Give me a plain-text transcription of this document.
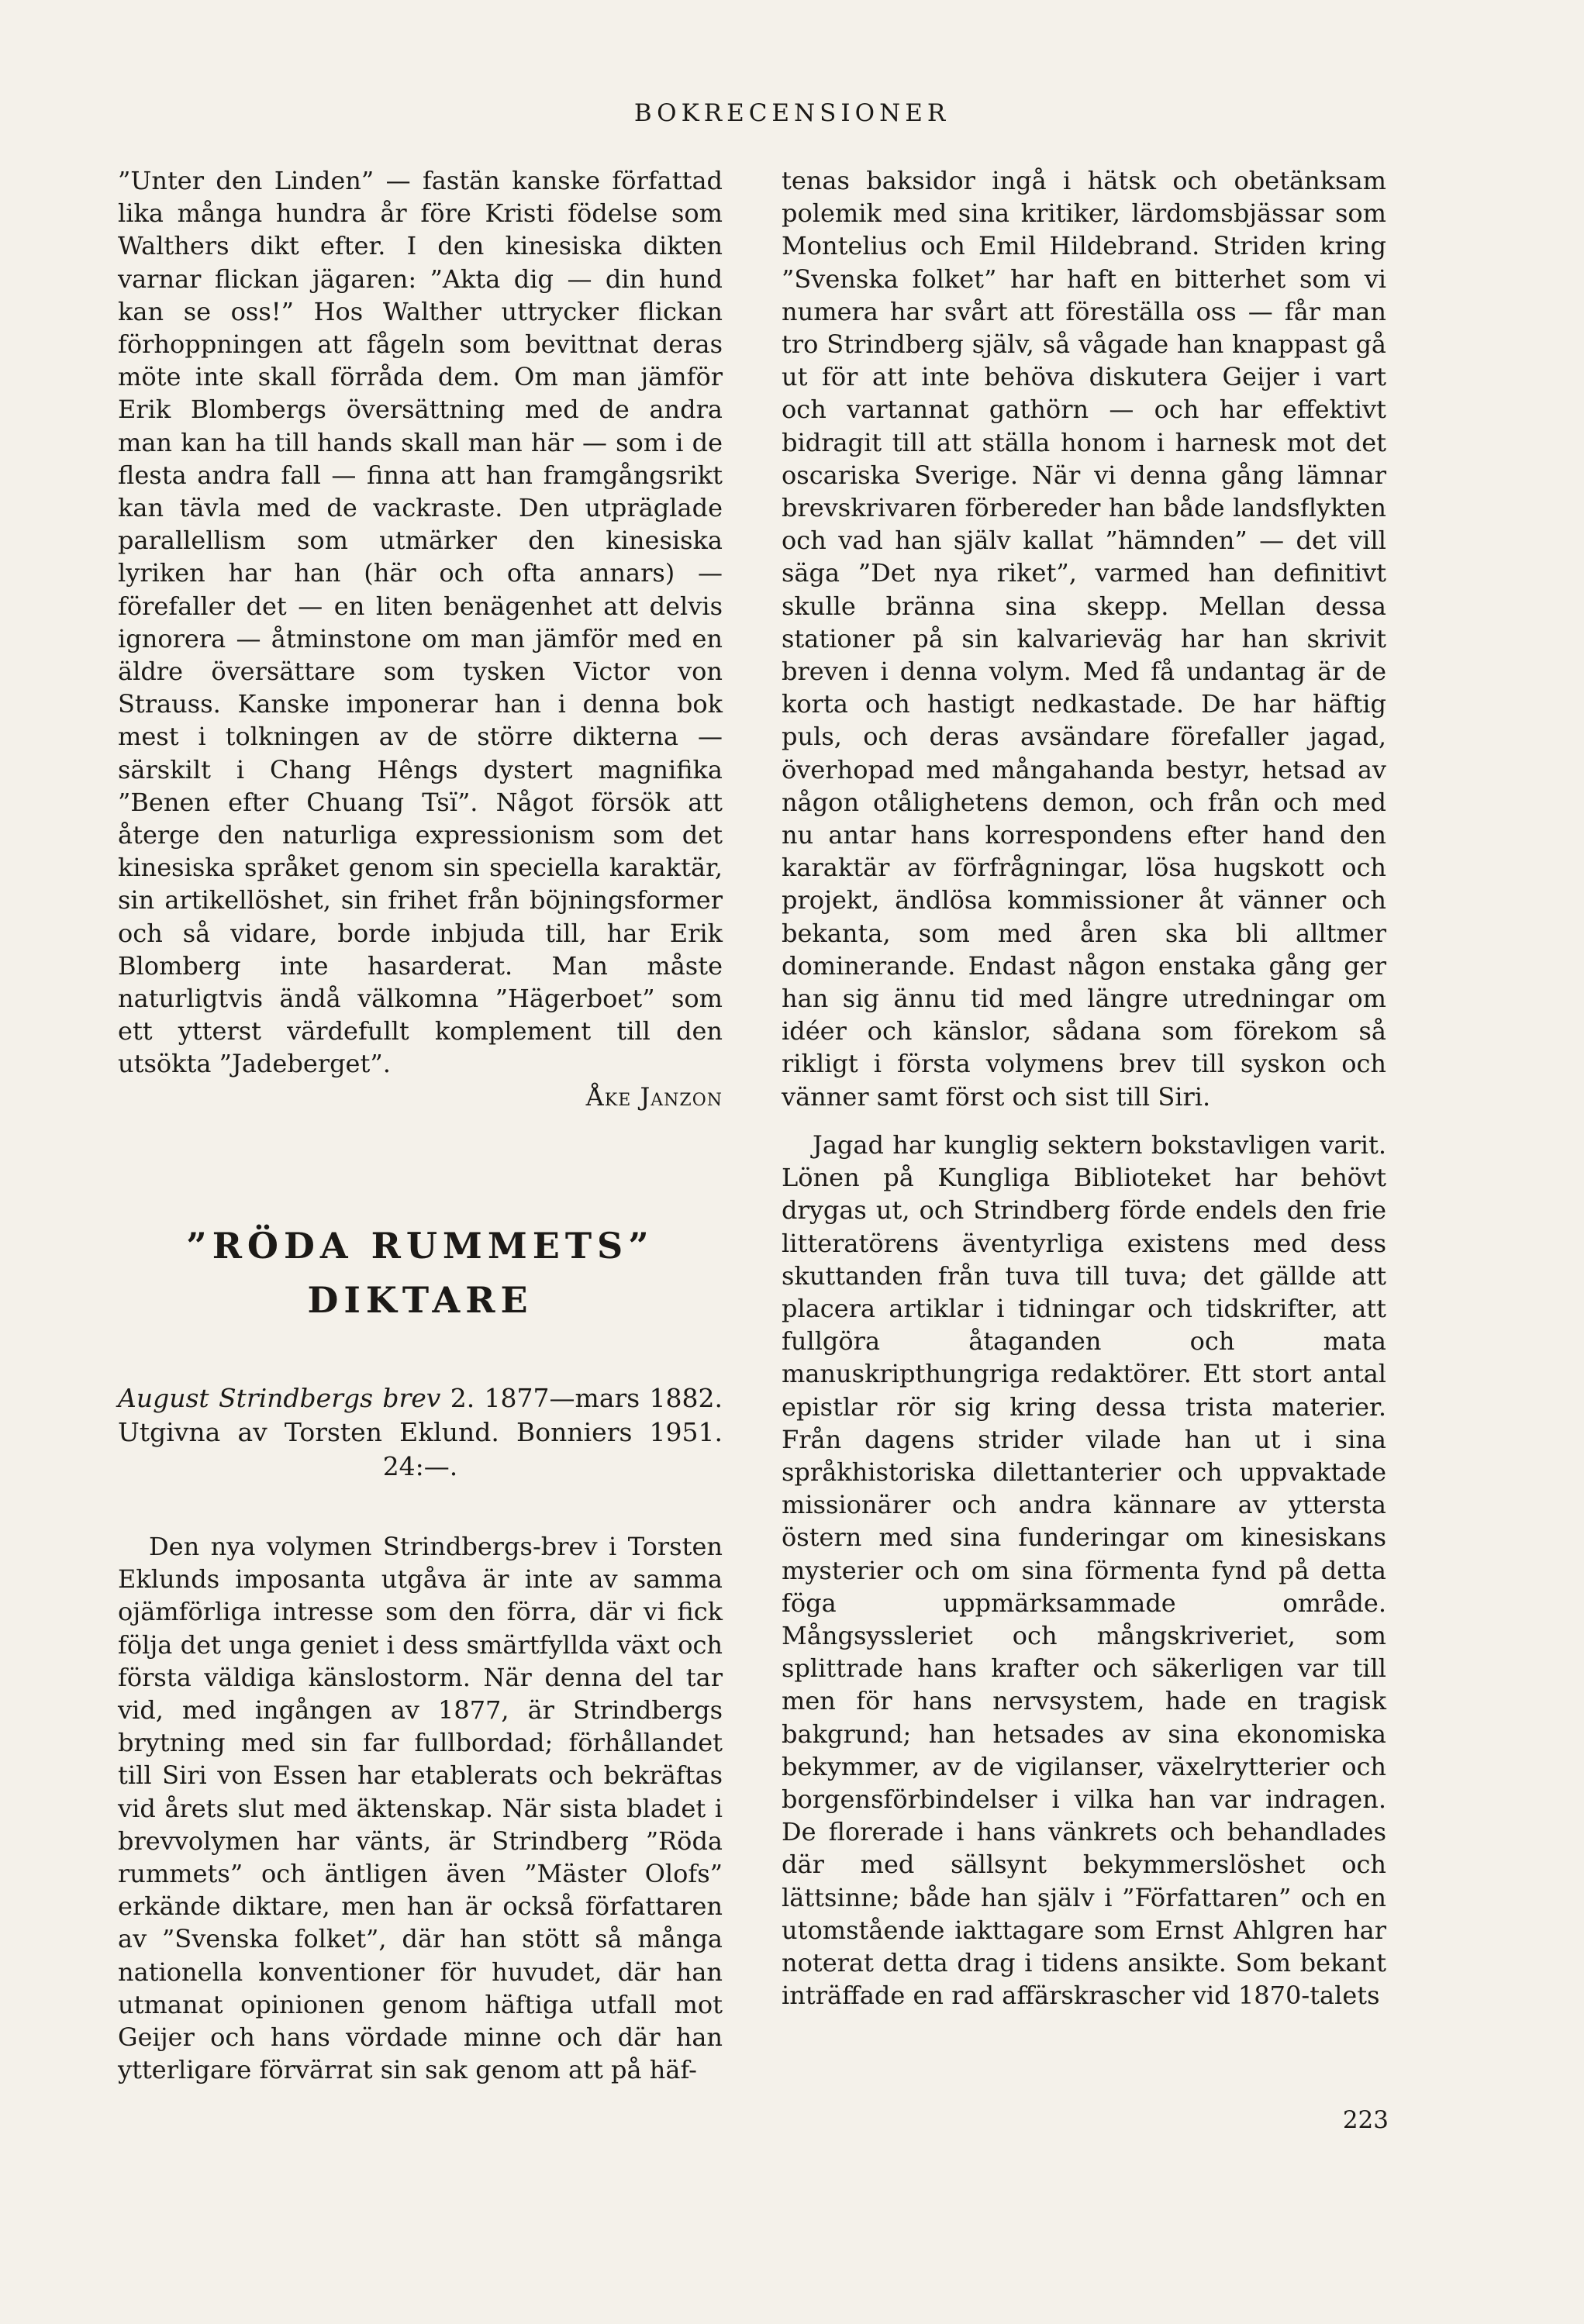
BOKRECENSIONER

”Unter den Linden” — fastän kanske författad lika många hundra år före Kristi födelse som Walthers dikt efter. I den kinesiska dikten varnar flickan jägaren: ”Akta dig — din hund kan se oss!” Hos Walther uttrycker flickan förhoppningen att fågeln som bevittnat deras möte inte skall förråda dem. Om man jämför Erik Blombergs översättning med de andra man kan ha till hands skall man här — som i de flesta andra fall — finna att han framgångsrikt kan tävla med de vackraste. Den utpräglade parallellism som utmärker den kinesiska lyriken har han (här och ofta annars) — förefaller det — en liten benägenhet att delvis ignorera — åtminstone om man jämför med en äldre översättare som tysken Victor von Strauss. Kanske imponerar han i denna bok mest i tolkningen av de större dikterna — särskilt i Chang Hêngs dystert magnifika ”Benen efter Chuang Tsï”. Något försök att återge den naturliga expressionism som det kinesiska språket genom sin speciella karaktär, sin artikellöshet, sin frihet från böjningsformer och så vidare, borde inbjuda till, har Erik Blomberg inte hasarderat. Man måste naturligtvis ändå välkomna ”Hägerboet” som ett ytterst värdefullt komplement till den utsökta ”Jadeberget”.

Åke Janzon

”RÖDA RUMMETS”
DIKTARE
August Strindbergs brev 2. 1877—mars 1882. Utgivna av Torsten Eklund. Bonniers 1951. 24:—.

Den nya volymen Strindbergs-brev i Torsten Eklunds imposanta utgåva är inte av samma ojämförliga intresse som den förra, där vi fick följa det unga geniet i dess smärtfyllda växt och första väldiga känslostorm. När denna del tar vid, med ingången av 1877, är Strindbergs brytning med sin far fullbordad; förhållandet till Siri von Essen har etablerats och bekräftas vid årets slut med äktenskap. När sista bladet i brevvolymen har vänts, är Strindberg ”Röda rummets” och äntligen även ”Mäster Olofs” erkände diktare, men han är också författaren av ”Svenska folket”, där han stött så många nationella konventioner för huvudet, där han utmanat opinionen genom häftiga utfall mot Geijer och hans vördade minne och där han ytterligare förvärrat sin sak genom att på häf-

tenas baksidor ingå i hätsk och obetänksam polemik med sina kritiker, lärdomsbjässar som Montelius och Emil Hildebrand. Striden kring ”Svenska folket” har haft en bitterhet som vi numera har svårt att föreställa oss — får man tro Strindberg själv, så vågade han knappast gå ut för att inte behöva diskutera Geijer i vart och vartannat gathörn — och har effektivt bidragit till att ställa honom i harnesk mot det oscariska Sverige. När vi denna gång lämnar brevskrivaren förbereder han både landsflykten och vad han själv kallat ”hämnden” — det vill säga ”Det nya riket”, varmed han definitivt skulle bränna sina skepp. Mellan dessa stationer på sin kalvarieväg har han skrivit breven i denna volym. Med få undantag är de korta och hastigt nedkastade. De har häftig puls, och deras avsändare förefaller jagad, överhopad med mångahanda bestyr, hetsad av någon otålighetens demon, och från och med nu antar hans korrespondens efter hand den karaktär av förfrågningar, lösa hugskott och projekt, ändlösa kommissioner åt vänner och bekanta, som med åren ska bli alltmer dominerande. Endast någon enstaka gång ger han sig ännu tid med längre utredningar om idéer och känslor, sådana som förekom så rikligt i första volymens brev till syskon och vänner samt först och sist till Siri.

Jagad har kunglig sektern bokstavligen varit. Lönen på Kungliga Biblioteket har behövt drygas ut, och Strindberg förde endels den frie litteratörens äventyrliga existens med dess skuttanden från tuva till tuva; det gällde att placera artiklar i tidningar och tidskrifter, att fullgöra åtaganden och mata manuskripthungriga redaktörer. Ett stort antal epistlar rör sig kring dessa trista materier. Från dagens strider vilade han ut i sina språkhistoriska dilettanterier och uppvaktade missionärer och andra kännare av yttersta östern med sina funderingar om kinesiskans mysterier och om sina förmenta fynd på detta föga uppmärksammade område. Mångsyssleriet och mångskriveriet, som splittrade hans krafter och säkerligen var till men för hans nervsystem, hade en tragisk bakgrund; han hetsades av sina ekonomiska bekymmer, av de vigilanser, växelrytterier och borgensförbindelser i vilka han var indragen. De florerade i hans vänkrets och behandlades där med sällsynt bekymmerslöshet och lättsinne; både han själv i ”Författaren” och en utomstående iakttagare som Ernst Ahlgren har noterat detta drag i tidens ansikte. Som bekant inträffade en rad affärskrascher vid 1870-talets

223
